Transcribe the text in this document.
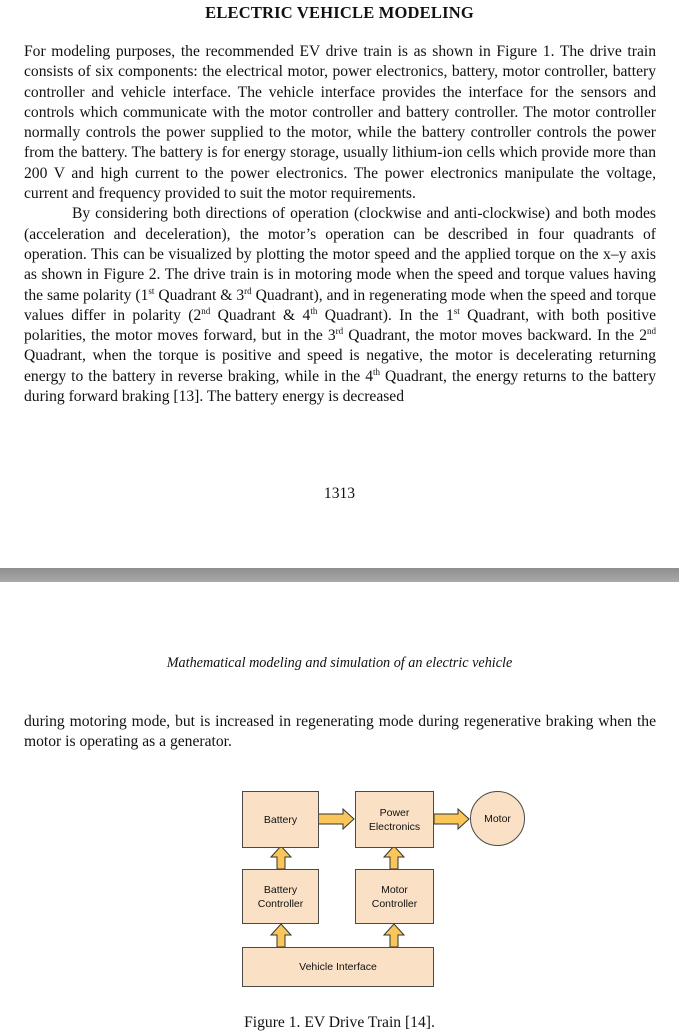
ELECTRIC VEHICLE MODELING

For modeling purposes, the recommended EV drive train is as shown in Figure 1. The drive train consists of six components: the electrical motor, power electronics, battery, motor controller, battery controller and vehicle interface. The vehicle interface provides the interface for the sensors and controls which communicate with the motor controller and battery controller. The motor controller normally controls the power supplied to the motor, while the battery controller controls the power from the battery. The battery is for energy storage, usually lithium-ion cells which provide more than 200 V and high current to the power electronics. The power electronics manipulate the voltage, current and frequency provided to suit the motor requirements.

By considering both directions of operation (clockwise and anti-clockwise) and both modes (acceleration and deceleration), the motor’s operation can be described in four quadrants of operation. This can be visualized by plotting the motor speed and the applied torque on the x–y axis as shown in Figure 2. The drive train is in motoring mode when the speed and torque values having the same polarity (1st Quadrant & 3rd Quadrant), and in regenerating mode when the speed and torque values differ in polarity (2nd Quadrant & 4th Quadrant). In the 1st Quadrant, with both positive polarities, the motor moves forward, but in the 3rd Quadrant, the motor moves backward. In the 2nd Quadrant, when the torque is positive and speed is negative, the motor is decelerating returning energy to the battery in reverse braking, while in the 4th Quadrant, the energy returns to the battery during forward braking [13]. The battery energy is decreased

1313
Mathematical modeling and simulation of an electric vehicle

during motoring mode, but is increased in regenerating mode during regenerative braking when the motor is operating as a generator.

Battery
Power Electronics
Motor
Battery Controller
Motor Controller
Vehicle Interface
Figure 1. EV Drive Train [14].
